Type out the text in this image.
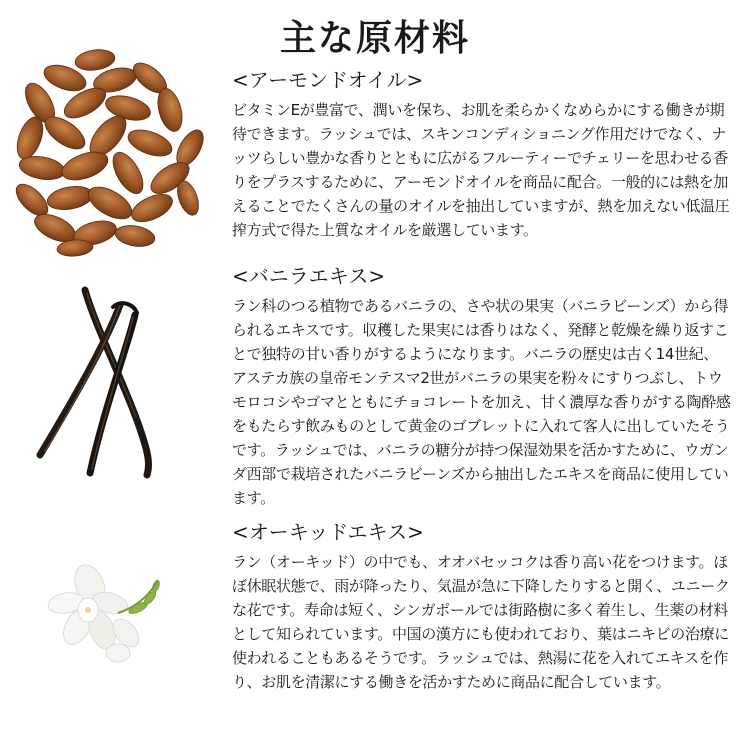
主な原材料
<アーモンドオイル>

ビタミンEが豊富で、潤いを保ち、お肌を柔らかくなめらかにする働きが期待できます。ラッシュでは、スキンコンディショニング作用だけでなく、ナッツらしい豊かな香りとともに広がるフルーティーでチェリーを思わせる香りをプラスするために、アーモンドオイルを商品に配合。一般的には熱を加えることでたくさんの量のオイルを抽出していますが、熱を加えない低温圧搾方式で得た上質なオイルを厳選しています。

<バニラエキス>

ラン科のつる植物であるバニラの、さや状の果実（バニラビーンズ）から得られるエキスです。収穫した果実には香りはなく、発酵と乾燥を繰り返すことで独特の甘い香りがするようになります。バニラの歴史は古く14世紀、アステカ族の皇帝モンテスマ2世がバニラの果実を粉々にすりつぶし、トウモロコシやゴマとともにチョコレートを加え、甘く濃厚な香りがする陶酔感をもたらす飲みものとして黄金のゴブレットに入れて客人に出していたそうです。ラッシュでは、バニラの糖分が持つ保湿効果を活かすために、ウガンダ西部で栽培されたバニラビーンズから抽出したエキスを商品に使用しています。

<オーキッドエキス>

ラン（オーキッド）の中でも、オオバセッコクは香り高い花をつけます。ほぼ休眠状態で、雨が降ったり、気温が急に下降したりすると開く、ユニークな花です。寿命は短く、シンガポールでは街路樹に多く着生し、生薬の材料として知られています。中国の漢方にも使われており、葉はニキビの治療に使われることもあるそうです。ラッシュでは、熱湯に花を入れてエキスを作り、お肌を清潔にする働きを活かすために商品に配合しています。
